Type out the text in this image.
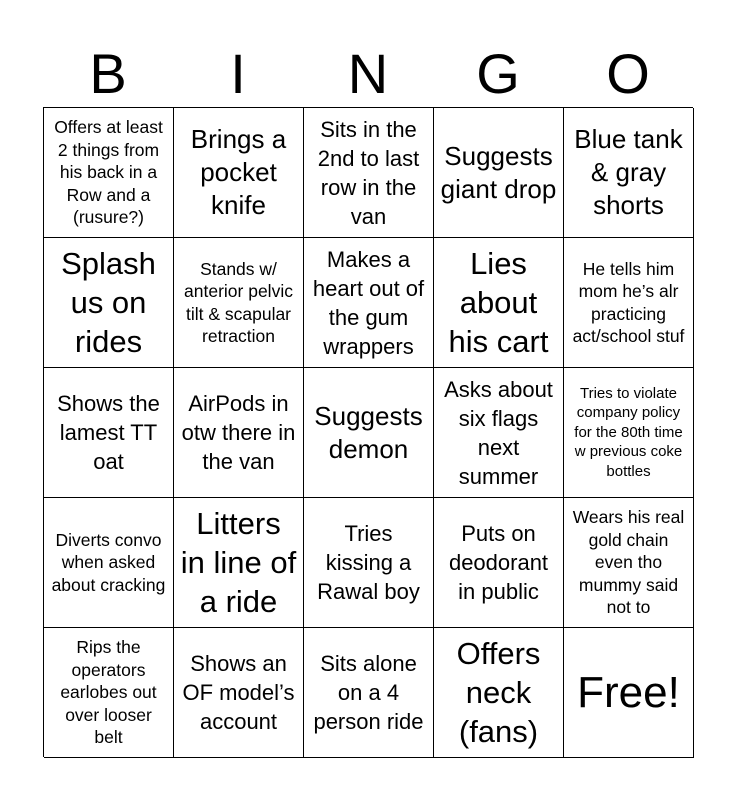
B	I	N	G	O
Offers at least 2 things from his back in a Row and a (rusure?)
Brings a pocket knife
Sits in the 2nd to last row in the van
Suggests giant drop
Blue tank & gray shorts
Splash us on rides
Stands w/ anterior pelvic tilt & scapular retraction
Makes a heart out of the gum wrappers
Lies about his cart
He tells him mom he’s alr practicing act/school stuf
Shows the lamest TT oat
AirPods in otw there in the van
Suggests demon
Asks about six flags next summer
Tries to violate company policy for the 80th time w previous coke bottles
Diverts convo when asked about cracking
Litters in line of a ride
Tries kissing a Rawal boy
Puts on deodorant in public
Wears his real gold chain even tho mummy said not to
Rips the operators earlobes out over looser belt
Shows an OF model’s account
Sits alone on a 4 person ride
Offers neck (fans)
Free!
